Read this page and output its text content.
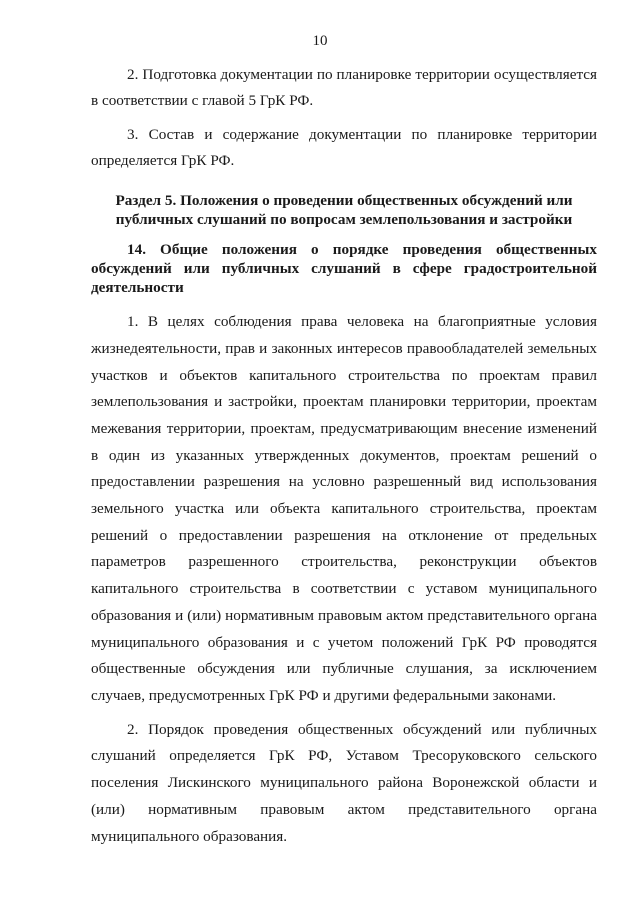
10

2. Подготовка документации по планировке территории осуществляется в соответствии с главой 5 ГрК РФ.

3. Состав и содержание документации по планировке территории определяется ГрК РФ.

Раздел 5. Положения о проведении общественных обсуждений или публичных слушаний по вопросам землепользования и застройки

14. Общие положения о порядке проведения общественных обсуждений или публичных слушаний в сфере градостроительной деятельности

1. В целях соблюдения права человека на благоприятные условия жизнедеятельности, прав и законных интересов правообладателей земельных участков и объектов капитального строительства по проектам правил землепользования и застройки, проектам планировки территории, проектам межевания территории, проектам, предусматривающим внесение изменений в один из указанных утвержденных документов, проектам решений о предоставлении разрешения на условно разрешенный вид использования земельного участка или объекта капитального строительства, проектам решений о предоставлении разрешения на отклонение от предельных параметров разрешенного строительства, реконструкции объектов капитального строительства в соответствии с уставом муниципального образования и (или) нормативным правовым актом представительного органа муниципального образования и с учетом положений ГрК РФ проводятся общественные обсуждения или публичные слушания, за исключением случаев, предусмотренных ГрК РФ и другими федеральными законами.

2. Порядок проведения общественных обсуждений или публичных слушаний определяется ГрК РФ, Уставом Тресоруковского сельского поселения Лискинского муниципального района Воронежской области и (или) нормативным правовым актом представительного органа муниципального образования.
